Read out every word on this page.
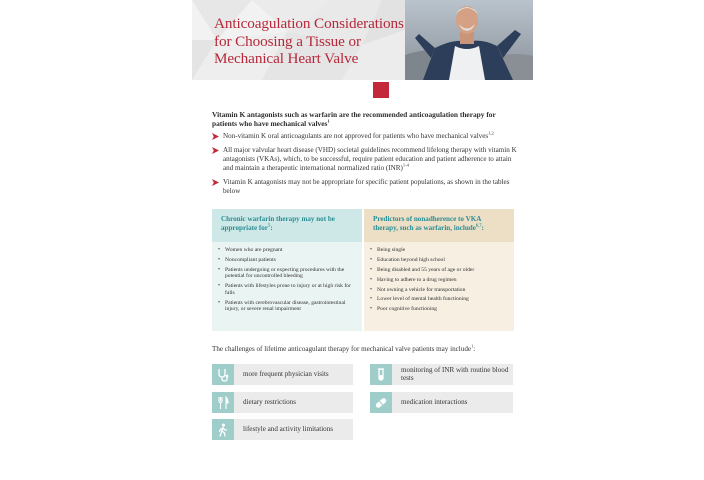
Anticoagulation Considerations for Choosing a Tissue or Mechanical Heart Valve

Vitamin K antagonists such as warfarin are the recommended anticoagulation therapy for patients who have mechanical valves$^1$

Non-vitamin K oral anticoagulants are not approved for patients who have mechanical valves$^{1,2}$
All major valvular heart disease (VHD) societal guidelines recommend lifelong therapy with vitamin K antagonists (VKAs), which, to be successful, require patient education and patient adherence to attain and maintain a therapeutic international normalized ratio (INR)$^{1-4}$
Vitamin K antagonists may not be appropriate for specific patient populations, as shown in the tables below
Chronic warfarin therapy may not be appropriate for$^5$:
• Women who are pregnant
• Noncompliant patients
• Patients undergoing or expecting procedures with the potential for uncontrolled bleeding
• Patients with lifestyles prone to injury or at high risk for falls
• Patients with cerebrovascular disease, gastrointestinal injury, or severe renal impairment
Predictors of nonadherence to VKA therapy, such as warfarin, include$^{6,7}$:
• Being single
• Education beyond high school
• Being disabled and 55 years of age or older
• Having to adhere to a drug regimen
• Not owning a vehicle for transportation
• Lower level of mental health functioning
• Poor cognitive functioning

The challenges of lifetime anticoagulant therapy for mechanical valve patients may include$^1$:

more frequent physician visits	monitoring of INR with routine blood tests
dietary restrictions	medication interactions
lifestyle and activity limitations
